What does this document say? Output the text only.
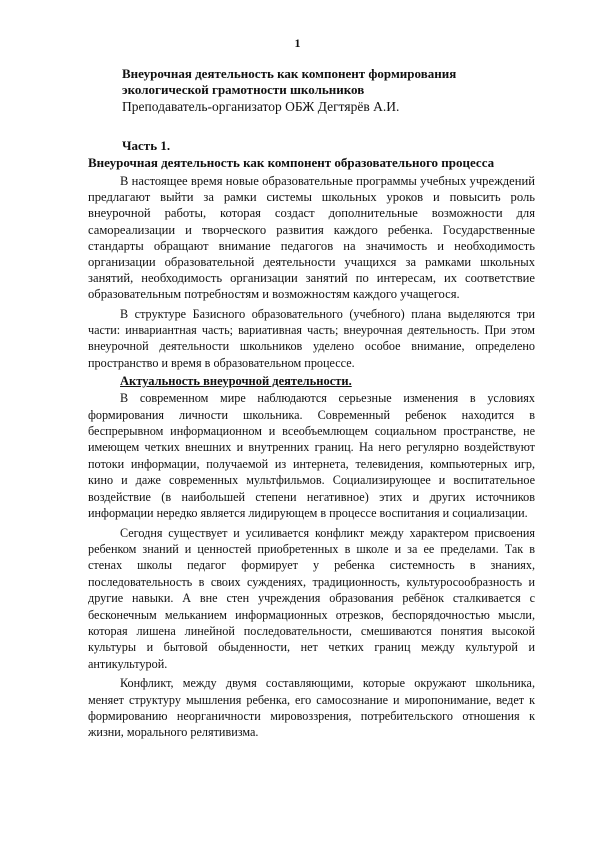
1
Внеурочная деятельность как компонент формирования экологической грамотности школьников
Преподаватель-организатор ОБЖ Дегтярёв А.И.
Часть 1.
Внеурочная деятельность как компонент образовательного процесса

В настоящее время новые образовательные программы учебных учреждений предлагают выйти за рамки системы школьных уроков и повысить роль внеурочной работы, которая создаст дополнительные возможности для самореализации и творческого развития каждого ребенка. Государственные стандарты обращают внимание педагогов на значимость и необходимость организации образовательной деятельности учащихся за рамками школьных занятий, необходимость организации занятий по интересам, их соответствие образовательным потребностям и возможностям каждого учащегося.

В структуре Базисного образовательного (учебного) плана выделяются три части: инвариантная часть; вариативная часть; внеурочная деятельность. При этом внеурочной деятельности школьников уделено особое внимание, определено пространство и время в образовательном процессе.

Актуальность внеурочной деятельности.

В современном мире наблюдаются серьезные изменения в условиях формирования личности школьника. Современный ребенок находится в беспрерывном информационном и всеобъемлющем социальном пространстве, не имеющем четких внешних и внутренних границ. На него регулярно воздействуют потоки информации, получаемой из интернета, телевидения, компьютерных игр, кино и даже современных мультфильмов. Социализирующее и воспитательное воздействие (в наибольшей степени негативное) этих и других источников информации нередко является лидирующем в процессе воспитания и социализации.

Сегодня существует и усиливается конфликт между характером присвоения ребенком знаний и ценностей приобретенных в школе и за ее пределами. Так в стенах школы педагог формирует у ребенка системность в знаниях, последовательность в своих суждениях, традиционность, культуросообразность и другие навыки. А вне стен учреждения образования ребёнок сталкивается с бесконечным мельканием информационных отрезков, беспорядочностью мысли, которая лишена линейной последовательности, смешиваются понятия высокой культуры и бытовой обыденности, нет четких границ между культурой и антикультурой.

Конфликт, между двумя составляющими, которые окружают школьника, меняет структуру мышления ребенка, его самосознание и миропонимание, ведет к формированию неорганичности мировоззрения, потребительского отношения к жизни, морального релятивизма.
